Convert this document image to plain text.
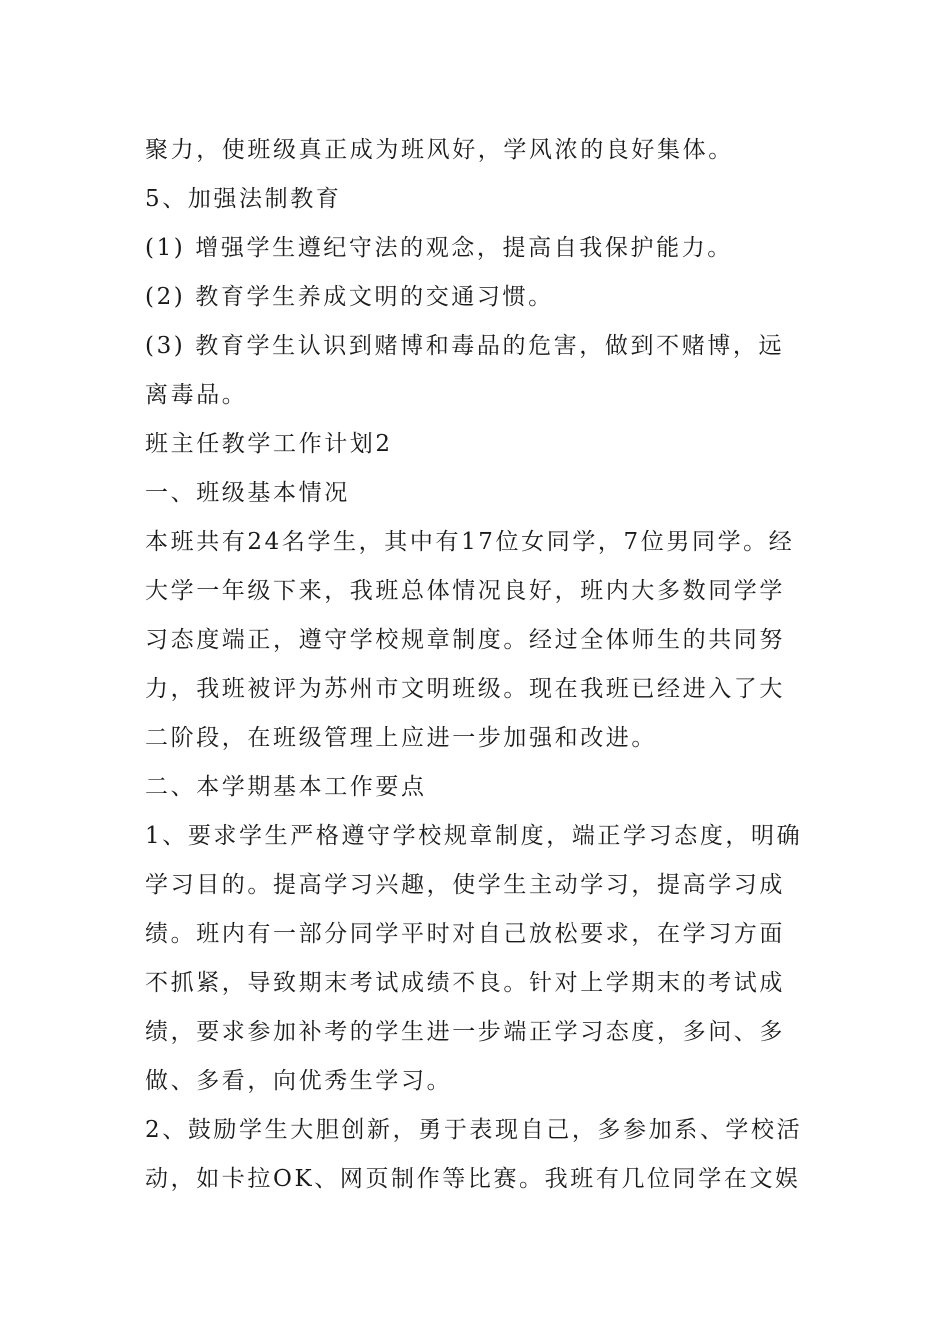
聚力，使班级真正成为班风好，学风浓的良好集体。
5、加强法制教育
(1) 增强学生遵纪守法的观念，提高自我保护能力。
(2) 教育学生养成文明的交通习惯。
(3) 教育学生认识到赌博和毒品的危害，做到不赌博，远
离毒品。
班主任教学工作计划2
一、班级基本情况
本班共有24名学生，其中有17位女同学，7位男同学。经
大学一年级下来，我班总体情况良好，班内大多数同学学
习态度端正，遵守学校规章制度。经过全体师生的共同努
力，我班被评为苏州市文明班级。现在我班已经进入了大
二阶段，在班级管理上应进一步加强和改进。
二、本学期基本工作要点
1、要求学生严格遵守学校规章制度，端正学习态度，明确
学习目的。提高学习兴趣，使学生主动学习，提高学习成
绩。班内有一部分同学平时对自己放松要求，在学习方面
不抓紧，导致期末考试成绩不良。针对上学期末的考试成
绩，要求参加补考的学生进一步端正学习态度，多问、多
做、多看，向优秀生学习。
2、鼓励学生大胆创新，勇于表现自己，多参加系、学校活
动，如卡拉OK、网页制作等比赛。我班有几位同学在文娱
